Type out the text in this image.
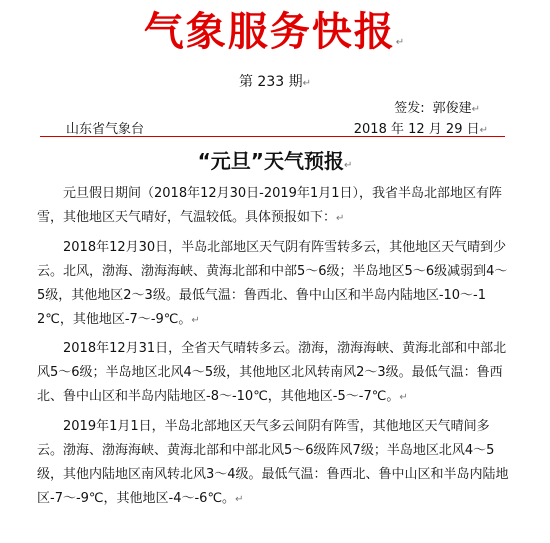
气象服务快报↵
第 233 期↵
签发: 郭俊建↵
山东省气象台	2018 年 12 月 29 日↵
“元旦”天气预报↵

元旦假日期间（2018年12月30日-2019年1月1日），我省半岛北部地区有阵雪，其他地区天气晴好，气温较低。具体预报如下：↵

2018年12月30日，半岛北部地区天气阴有阵雪转多云，其他地区天气晴到少云。北风，渤海、渤海海峡、黄海北部和中部5～6级；半岛地区5～6级减弱到4～5级，其他地区2～3级。最低气温：鲁西北、鲁中山区和半岛内陆地区-10～-12℃，其他地区-7～-9℃。↵

2018年12月31日，全省天气晴转多云。渤海，渤海海峡、黄海北部和中部北风5～6级；半岛地区北风4～5级，其他地区北风转南风2～3级。最低气温：鲁西北、鲁中山区和半岛内陆地区-8～-10℃，其他地区-5～-7℃。↵

2019年1月1日，半岛北部地区天气多云间阴有阵雪，其他地区天气晴间多云。渤海、渤海海峡、黄海北部和中部北风5～6级阵风7级；半岛地区北风4～5级，其他内陆地区南风转北风3～4级。最低气温：鲁西北、鲁中山区和半岛内陆地区-7～-9℃，其他地区-4～-6℃。↵
